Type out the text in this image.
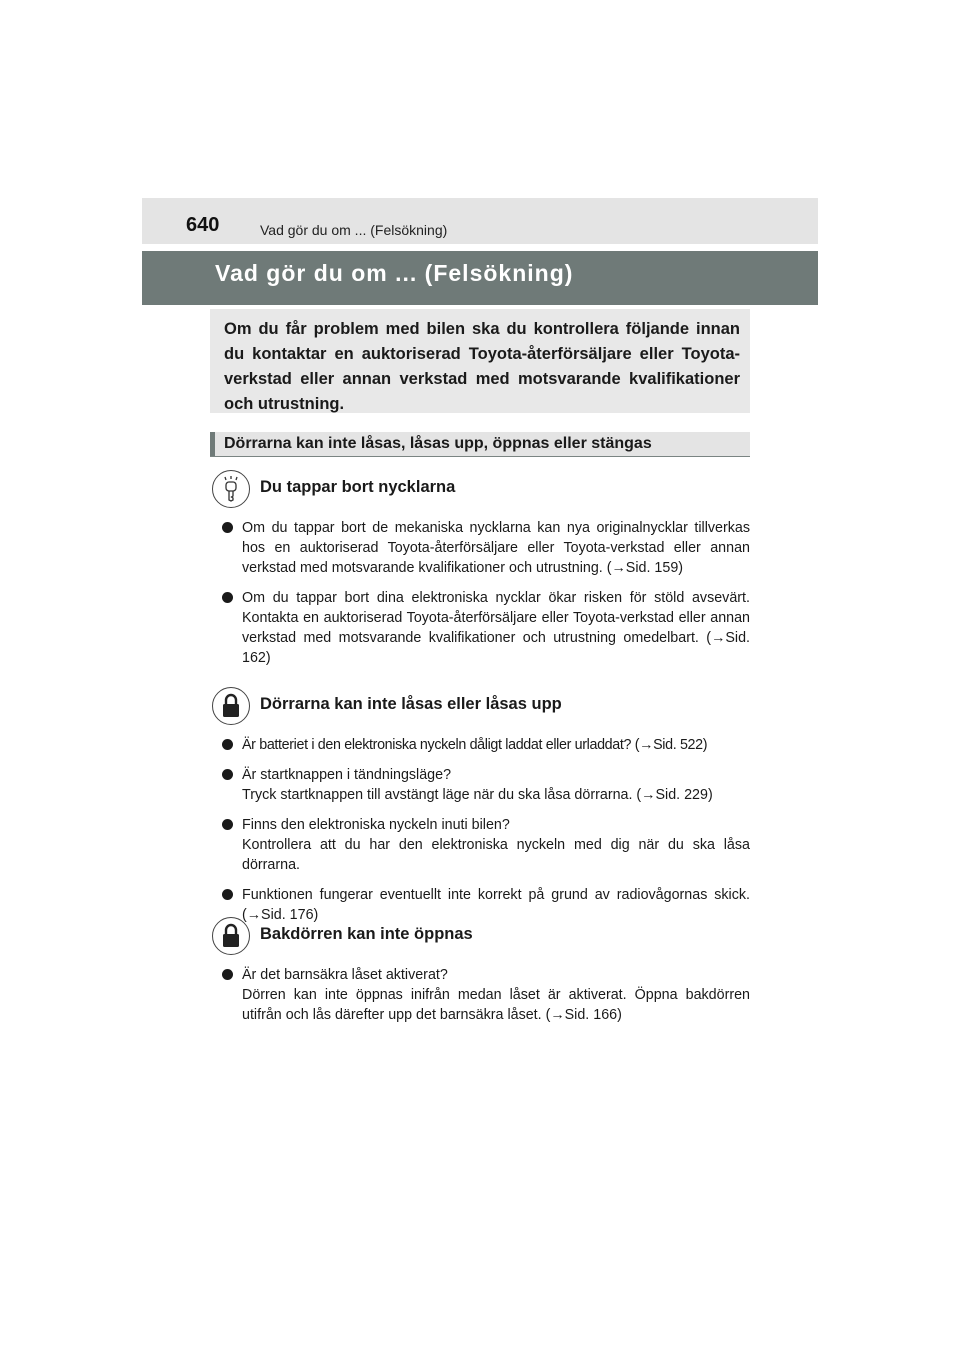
640	Vad gör du om ... (Felsökning)
Vad gör du om ... (Felsökning)

Om du får problem med bilen ska du kontrollera följande innan du kontaktar en auktoriserad Toyota-återförsäljare eller Toyota-verkstad eller annan verkstad med motsvarande kvalifikationer och utrustning.

Dörrarna kan inte låsas, låsas upp, öppnas eller stängas
Du tappar bort nycklarna
Om du tappar bort de mekaniska nycklarna kan nya originalnycklar tillverkas hos en auktoriserad Toyota-återförsäljare eller Toyota-verkstad eller annan verkstad med motsvarande kvalifikationer och utrustning. (→Sid. 159)
Om du tappar bort dina elektroniska nycklar ökar risken för stöld avsevärt. Kontakta en auktoriserad Toyota-återförsäljare eller Toyota-verkstad eller annan verkstad med motsvarande kvalifikationer och utrustning omedelbart. (→Sid. 162)
Dörrarna kan inte låsas eller låsas upp
Är batteriet i den elektroniska nyckeln dåligt laddat eller urladdat? (→Sid. 522)
Är startknappen i tändningsläge?
Tryck startknappen till avstängt läge när du ska låsa dörrarna. (→Sid. 229)
Finns den elektroniska nyckeln inuti bilen?
Kontrollera att du har den elektroniska nyckeln med dig när du ska låsa dörrarna.
Funktionen fungerar eventuellt inte korrekt på grund av radiovågornas skick. (→Sid. 176)
Bakdörren kan inte öppnas
Är det barnsäkra låset aktiverat?
Dörren kan inte öppnas inifrån medan låset är aktiverat. Öppna bakdörren utifrån och lås därefter upp det barnsäkra låset. (→Sid. 166)
